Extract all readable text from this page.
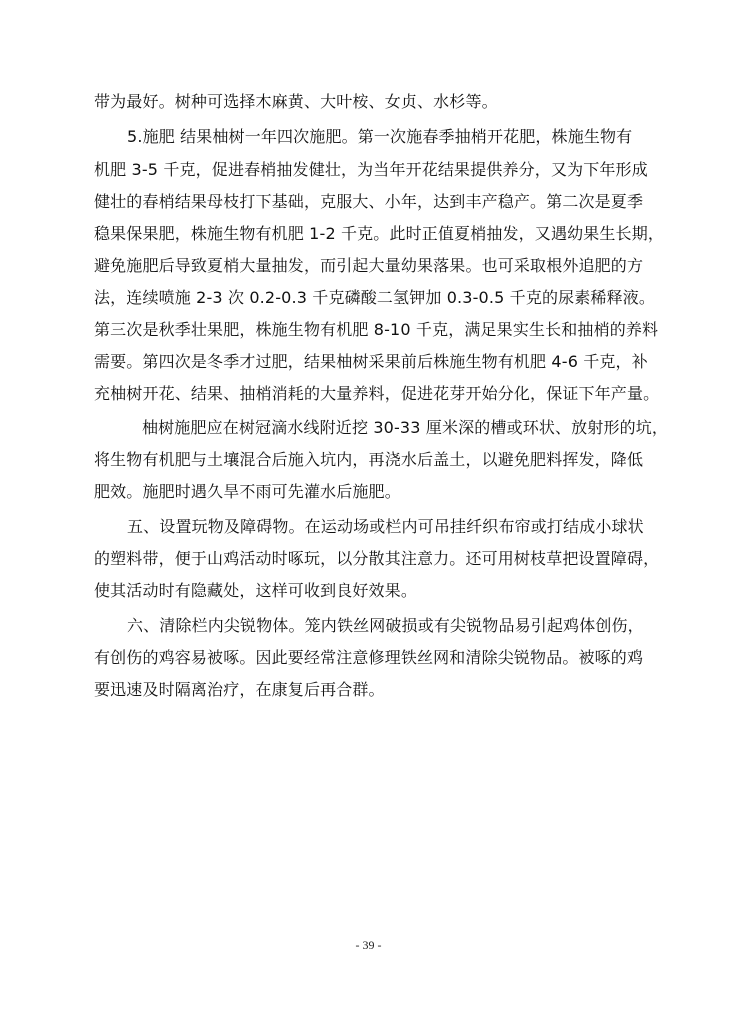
带为最好。树种可选择木麻黄、大叶桉、女贞、水杉等。
5.施肥 结果柚树一年四次施肥。第一次施春季抽梢开花肥，株施生物有
机肥 3-5 千克，促进春梢抽发健壮，为当年开花结果提供养分，又为下年形成
健壮的春梢结果母枝打下基础，克服大、小年，达到丰产稳产。第二次是夏季
稳果保果肥，株施生物有机肥 1-2 千克。此时正值夏梢抽发，又遇幼果生长期，
避免施肥后导致夏梢大量抽发，而引起大量幼果落果。也可采取根外追肥的方
法，连续喷施 2-3 次 0.2-0.3 千克磷酸二氢钾加 0.3-0.5 千克的尿素稀释液。
第三次是秋季壮果肥，株施生物有机肥 8-10 千克，满足果实生长和抽梢的养料
需要。第四次是冬季才过肥，结果柚树采果前后株施生物有机肥 4-6 千克，补
充柚树开花、结果、抽梢消耗的大量养料，促进花芽开始分化，保证下年产量。
柚树施肥应在树冠滴水线附近挖 30-33 厘米深的槽或环状、放射形的坑，
将生物有机肥与土壤混合后施入坑内，再浇水后盖土，以避免肥料挥发，降低
肥效。施肥时遇久旱不雨可先灌水后施肥。
五、设置玩物及障碍物。在运动场或栏内可吊挂纤织布帘或打结成小球状
的塑料带，便于山鸡活动时啄玩，以分散其注意力。还可用树枝草把设置障碍，
使其活动时有隐藏处，这样可收到良好效果。
六、清除栏内尖锐物体。笼内铁丝网破损或有尖锐物品易引起鸡体创伤，
有创伤的鸡容易被啄。因此要经常注意修理铁丝网和清除尖锐物品。被啄的鸡
要迅速及时隔离治疗，在康复后再合群。
- 39 -
